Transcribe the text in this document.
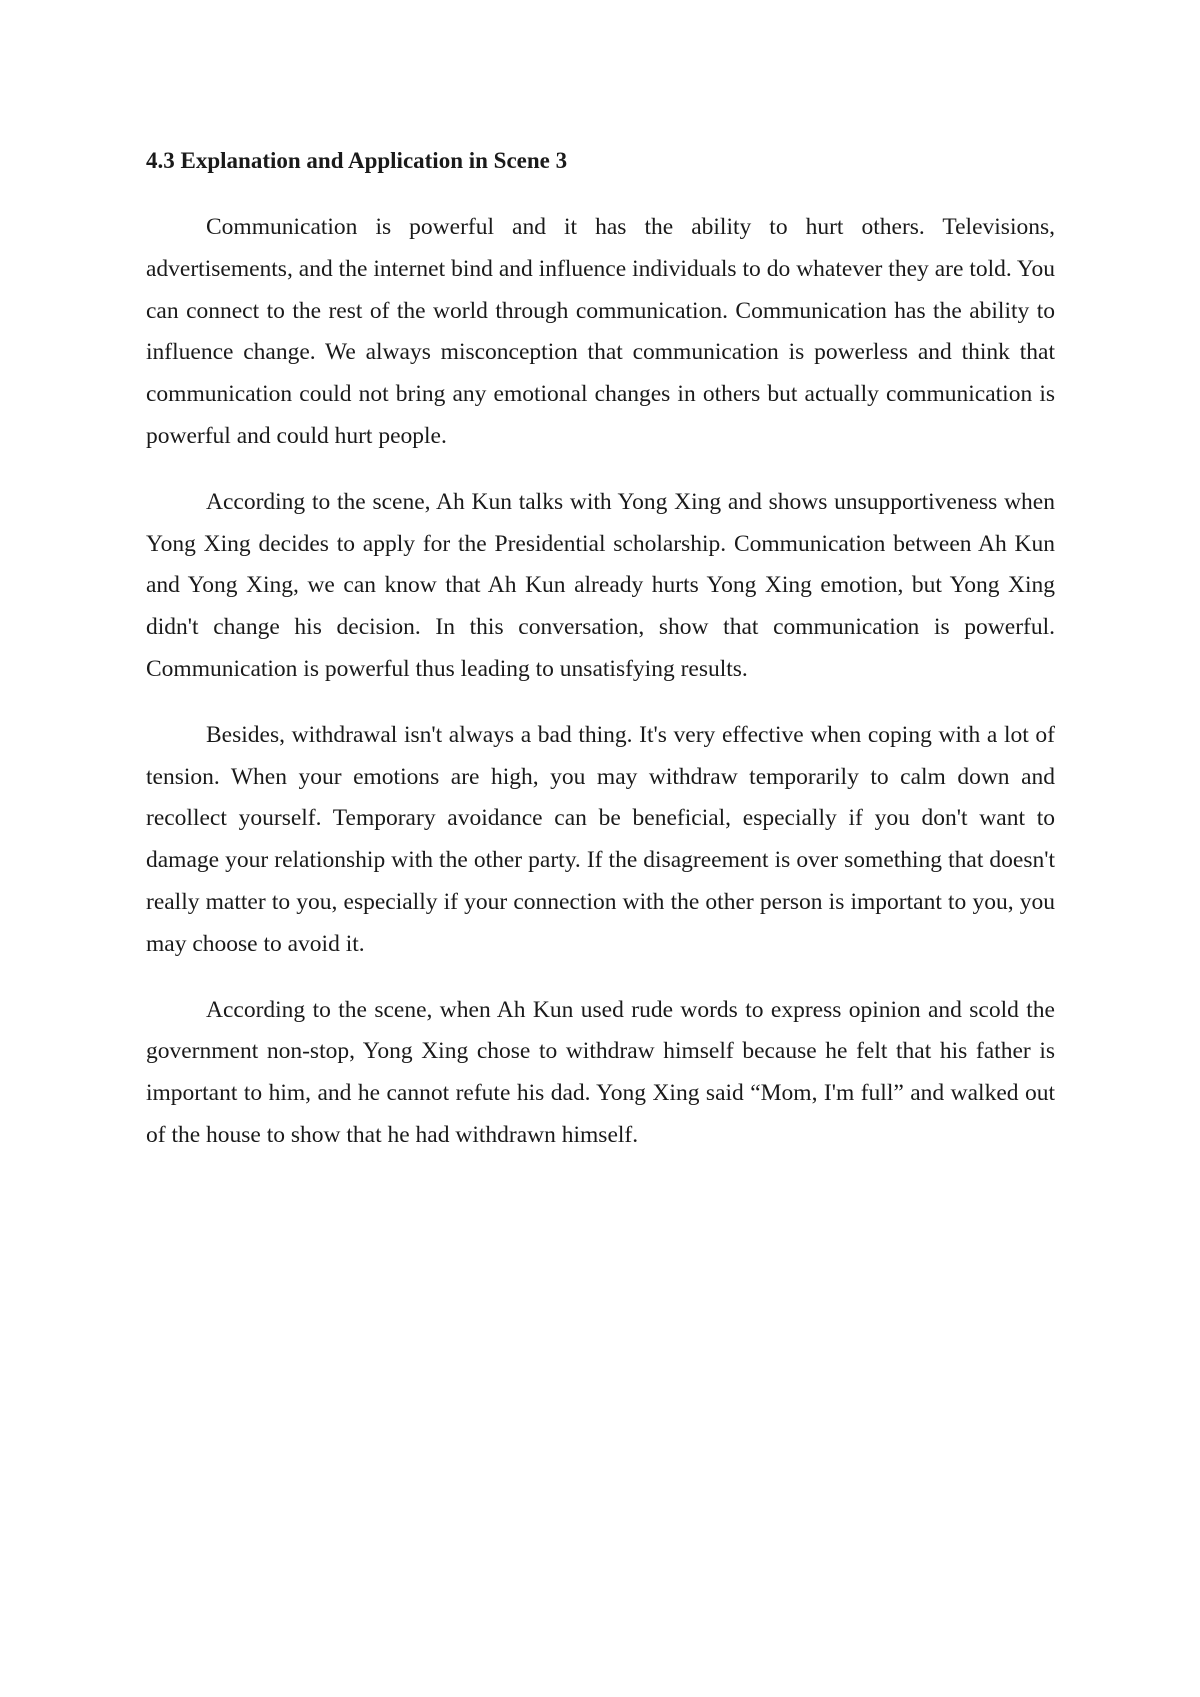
4.3 Explanation and Application in Scene 3

Communication is powerful and it has the ability to hurt others. Televisions, advertisements, and the internet bind and influence individuals to do whatever they are told. You can connect to the rest of the world through communication. Communication has the ability to influence change. We always misconception that communication is powerless and think that communication could not bring any emotional changes in others but actually communication is powerful and could hurt people.

According to the scene, Ah Kun talks with Yong Xing and shows unsupportiveness when Yong Xing decides to apply for the Presidential scholarship. Communication between Ah Kun and Yong Xing, we can know that Ah Kun already hurts Yong Xing emotion, but Yong Xing didn't change his decision. In this conversation, show that communication is powerful. Communication is powerful thus leading to unsatisfying results.

Besides, withdrawal isn't always a bad thing. It's very effective when coping with a lot of tension. When your emotions are high, you may withdraw temporarily to calm down and recollect yourself. Temporary avoidance can be beneficial, especially if you don't want to damage your relationship with the other party. If the disagreement is over something that doesn't really matter to you, especially if your connection with the other person is important to you, you may choose to avoid it.

According to the scene, when Ah Kun used rude words to express opinion and scold the government non-stop, Yong Xing chose to withdraw himself because he felt that his father is important to him, and he cannot refute his dad. Yong Xing said “Mom, I'm full” and walked out of the house to show that he had withdrawn himself.
